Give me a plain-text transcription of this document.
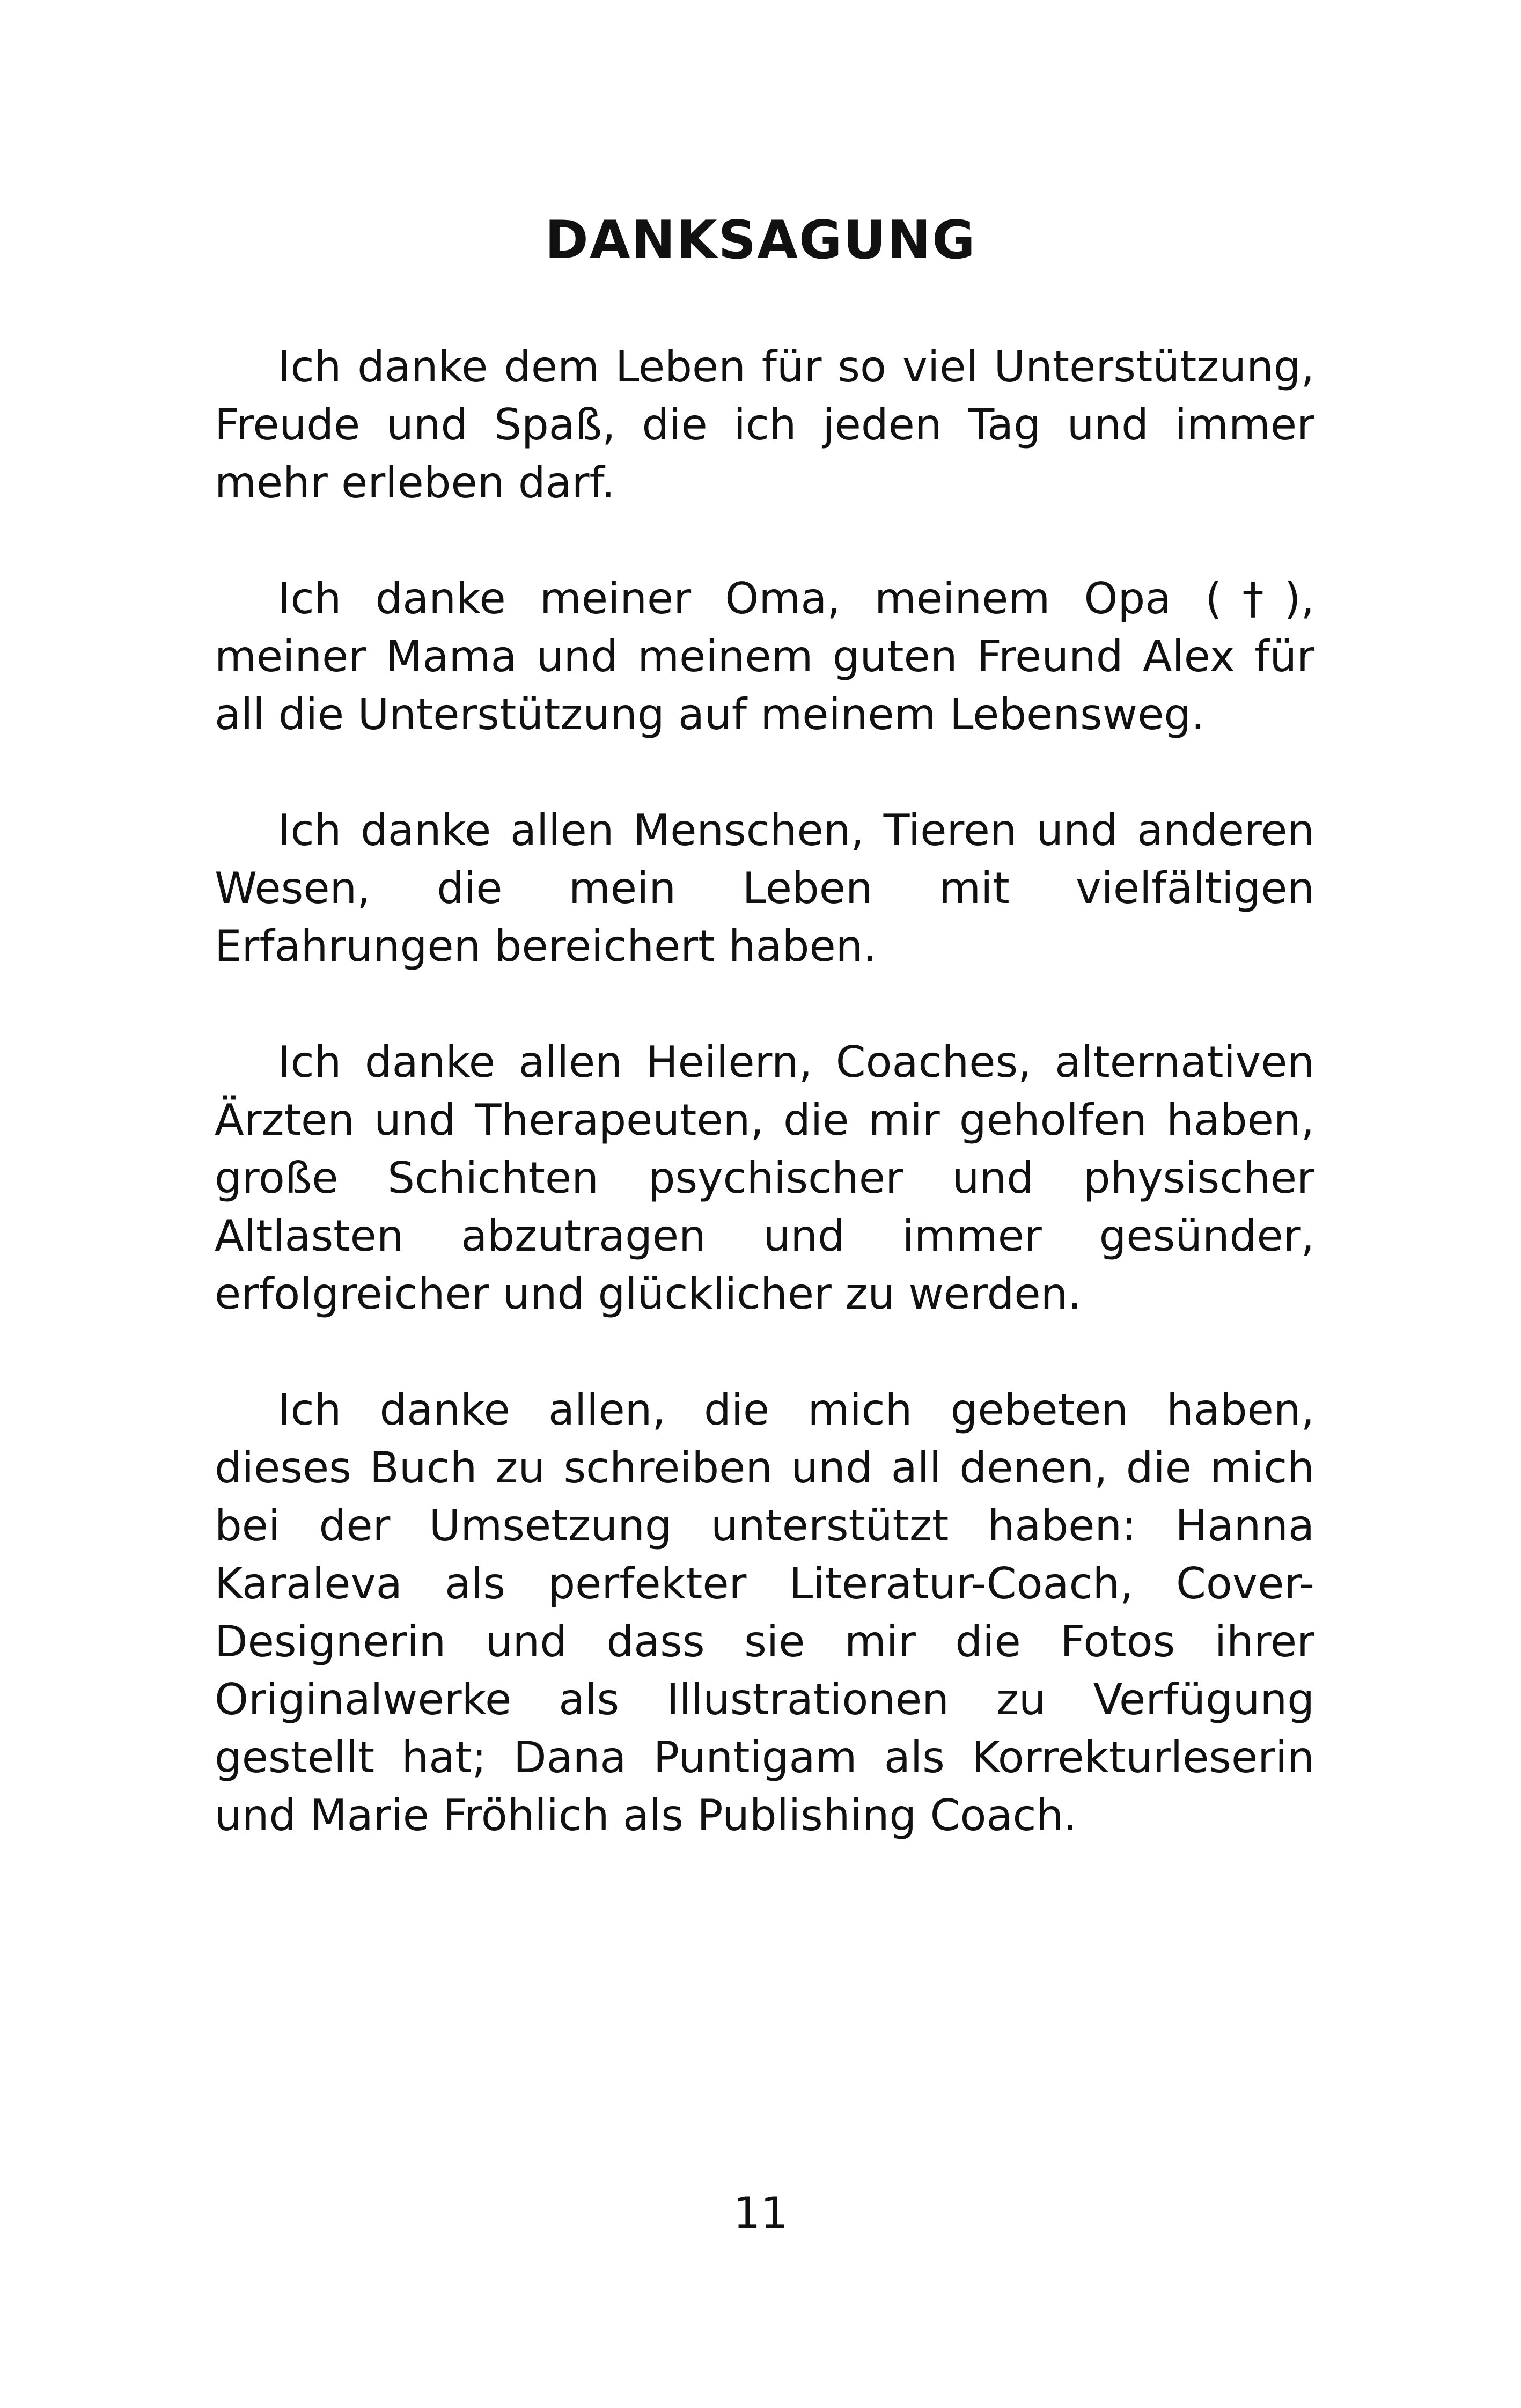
DANKSAGUNG

Ich danke dem Leben für so viel Unterstützung, Freude und Spaß, die ich jeden Tag und immer mehr erleben darf.

Ich danke meiner Oma, meinem Opa (†), meiner Mama und meinem guten Freund Alex für all die Unterstützung auf meinem Lebensweg.

Ich danke allen Menschen, Tieren und anderen Wesen, die mein Leben mit vielfältigen Erfahrungen bereichert haben.

Ich danke allen Heilern, Coaches, alternativen Ärzten und Therapeuten, die mir geholfen haben, große Schichten psychischer und physischer Altlasten abzutragen und immer gesünder, erfolgreicher und glücklicher zu werden.

Ich danke allen, die mich gebeten haben, dieses Buch zu schreiben und all denen, die mich bei der Umsetzung unterstützt haben: Hanna Karaleva als perfekter Literatur-Coach, Cover-Designerin und dass sie mir die Fotos ihrer Originalwerke als Illustrationen zu Verfügung gestellt hat; Dana Puntigam als Korrekturleserin und Marie Fröhlich als Publishing Coach.

11
